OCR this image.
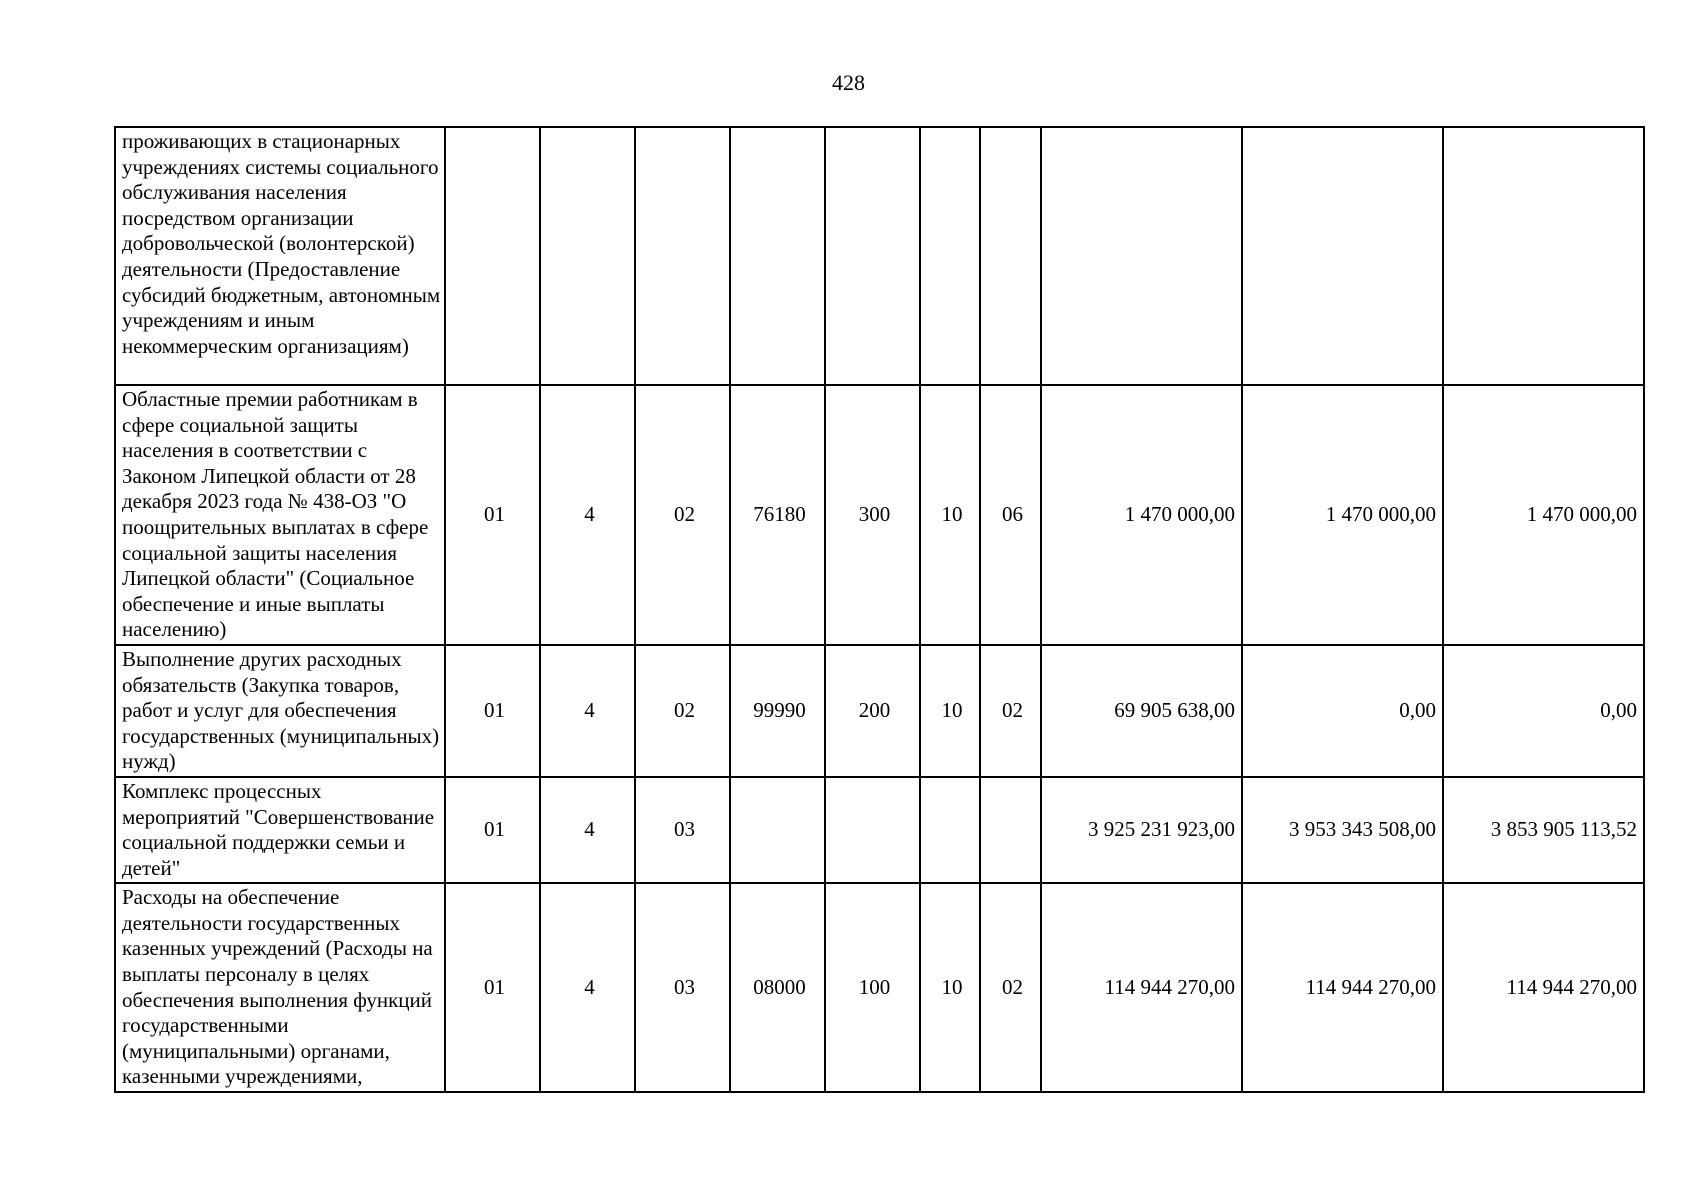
428
проживающих в стационарных учреждениях системы социального обслуживания населения посредством организации добровольческой (волонтерской) деятельности (Предоставление субсидий бюджетным, автономным учреждениям и иным некоммерческим организациям)										
Областные премии работникам в сфере социальной защиты населения в соответствии с Законом Липецкой области от 28 декабря 2023 года № 438-ОЗ "О поощрительных выплатах в сфере социальной защиты населения Липецкой области" (Социальное обеспечение и иные выплаты населению)	01	4	02	76180	300	10	06	1 470 000,00	1 470 000,00	1 470 000,00
Выполнение других расходных обязательств (Закупка товаров, работ и услуг для обеспечения государственных (муниципальных) нужд)	01	4	02	99990	200	10	02	69 905 638,00	0,00	0,00
Комплекс процессных мероприятий "Совершенствование социальной поддержки семьи и детей"	01	4	03					3 925 231 923,00	3 953 343 508,00	3 853 905 113,52
Расходы на обеспечение деятельности государственных казенных учреждений (Расходы на выплаты персоналу в целях обеспечения выполнения функций государственными (муниципальными) органами, казенными учреждениями,	01	4	03	08000	100	10	02	114 944 270,00	114 944 270,00	114 944 270,00
